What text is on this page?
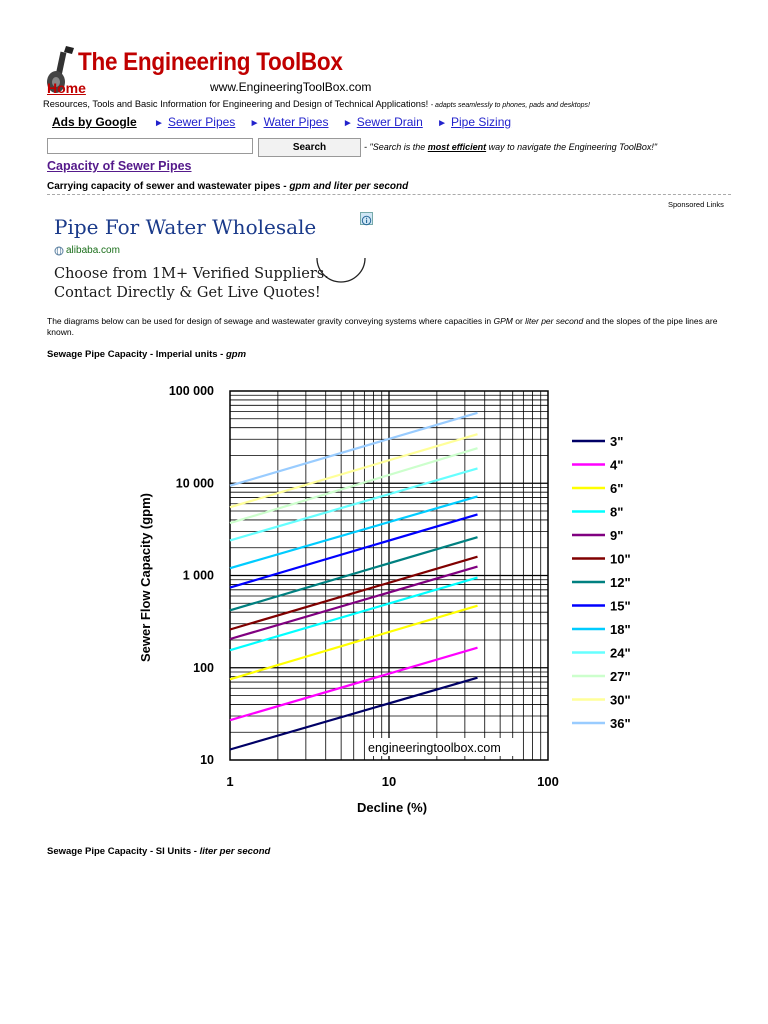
The Engineering ToolBox
Home	www.EngineeringToolBox.com
Resources, Tools and Basic Information for Engineering and Design of Technical Applications! - adapts seamlessly to phones, pads and desktops!
Ads by Google ► Sewer Pipes ► Water Pipes ► Sewer Drain ► Pipe Sizing
Search	- "Search is the most efficient way to navigate the Engineering ToolBox!"
Capacity of Sewer Pipes
Carrying capacity of sewer and wastewater pipes - gpm and liter per second
Sponsored Links
Pipe For Water Wholesale
alibaba.com
Choose from 1M+ Verified Suppliers.
Contact Directly & Get Live Quotes!
The diagrams below can be used for design of sewage and wastewater gravity conveying systems where capacities in GPM or liter per second and the slopes of the pipe lines are known.
Sewage Pipe Capacity - Imperial units - gpm
10
100
1 000
10 000
100 000
1	10	100
Decline (%)
Sewer Flow Capacity (gpm)
engineeringtoolbox.com
3"
4"
6"
8"
9"
10"
12"
15"
18"
24"
27"
30"
36"
Sewage Pipe Capacity - SI Units - liter per second
